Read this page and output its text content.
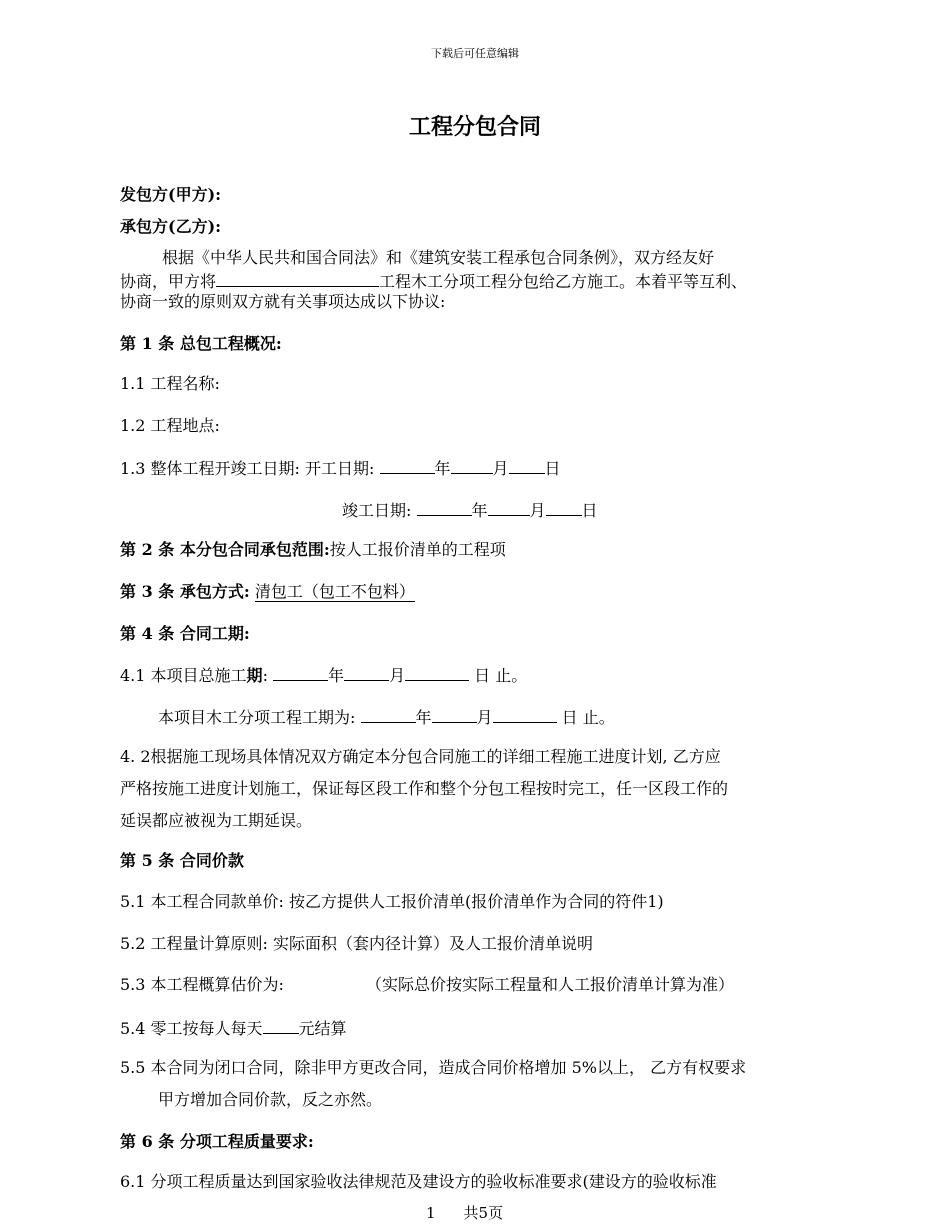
下载后可任意编辑
工程分包合同
发包方(甲方):
承包方(乙方):
根据《中华人民共和国合同法》和《建筑安装工程承包合同条例》，双方经友好
协商，甲方将	工程木工分项工程分包给乙方施工。本着平等互利、
协商一致的原则双方就有关事项达成以下协议:
第 1 条 总包工程概况:
1.1 工程名称:
1.2 工程地点:
1.3 整体工程开竣工日期: 开工日期:	年	月 日
竣工日期:	年	月 日
第 2 条 本分包合同承包范围:按人工报价清单的工程项
第 3 条 承包方式: 清包工（包工不包料）
第 4 条 合同工期:
4.1 本项目总施工期:	年	月	日 止。
本项目木工分项工程工期为:	年	月	日 止。
4. 2根据施工现场具体情况双方确定本分包合同施工的详细工程施工进度计划, 乙方应
严格按施工进度计划施工，保证每区段工作和整个分包工程按时完工，任一区段工作的
延误都应被视为工期延误。
第 5 条 合同价款
5.1 本工程合同款单价: 按乙方提供人工报价清单(报价清单作为合同的符件1)
5.2 工程量计算原则: 实际面积（套内径计算）及人工报价清单说明
5.3 本工程概算估价为:	（实际总价按实际工程量和人工报价清单计算为准）
5.4 零工按每人每天 元结算
5.5 本合同为闭口合同，除非甲方更改合同，造成合同价格增加 5%以上， 乙方有权要求
甲方增加合同价款，反之亦然。
第 6 条 分项工程质量要求:
6.1 分项工程质量达到国家验收法律规范及建设方的验收标准要求(建设方的验收标准
1 共5页
